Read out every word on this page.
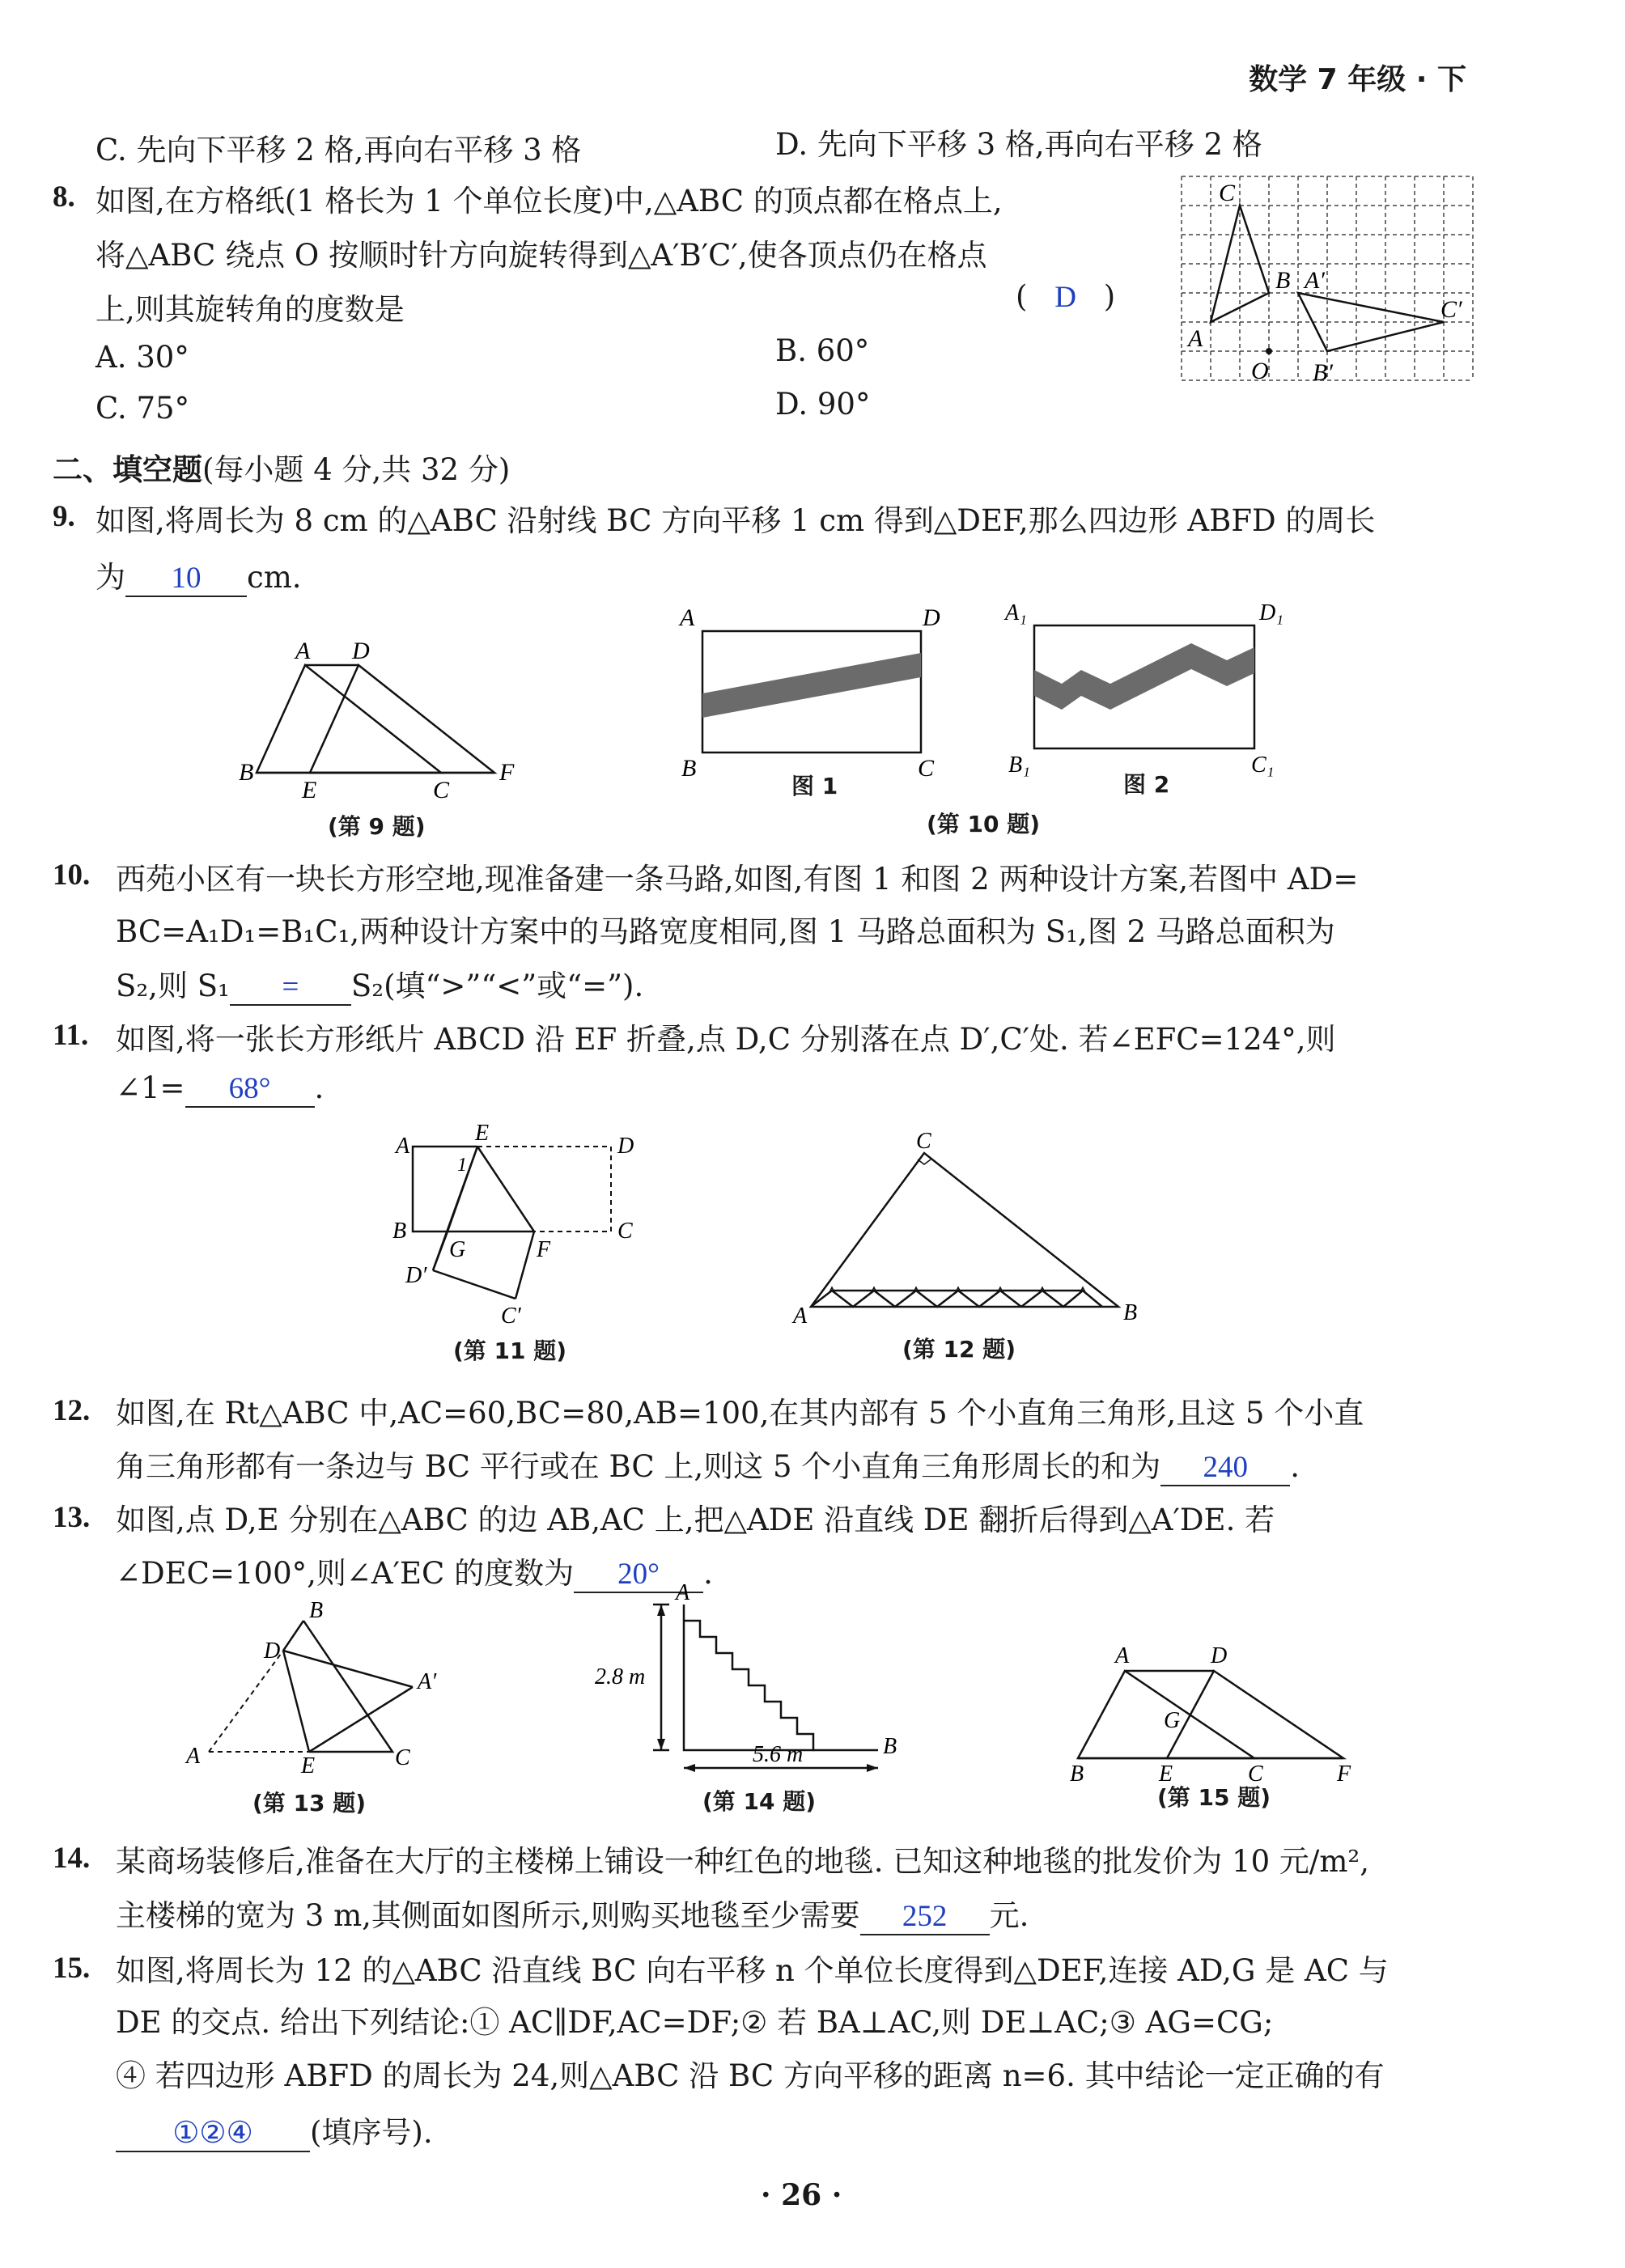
数学 7 年级 · 下
C. 先向下平移 2 格,再向右平移 3 格	D. 先向下平移 3 格,再向右平移 2 格
8. 如图,在方格纸(1 格长为 1 个单位长度)中,△ABC 的顶点都在格点上,
将△ABC 绕点 O 按顺时针方向旋转得到△A′B′C′,使各顶点仍在格点
上,则其旋转角的度数是	( D )
A. 30°	B. 60°
C. 75°	D. 90°
C
B
A
O
A′
B′
C′
二、填空题(每小题 4 分,共 32 分)
9. 如图,将周长为 8 cm 的△ABC 沿射线 BC 方向平移 1 cm 得到△DEF,那么四边形 ABFD 的周长
为 10 cm.
A D
B
E	C
F
(第 9 题)
A	D
B	C
图 1
A₁	D₁
B₁	C₁
图 2
(第 10 题)
10. 西苑小区有一块长方形空地,现准备建一条马路,如图,有图 1 和图 2 两种设计方案,若图中 AD=
BC=A₁D₁=B₁C₁,两种设计方案中的马路宽度相同,图 1 马路总面积为 S₁,图 2 马路总面积为
S₂,则 S₁ = S₂(填“>”“<”或“=”).
11. 如图,将一张长方形纸片 ABCD 沿 EF 折叠,点 D,C 分别落在点 D′,C′处. 若∠EFC=124°,则
∠1= 68° .
A
E
D
1
B
G	F
C
D′
C′
(第 11 题)
C
A	B
(第 12 题)
12. 如图,在 Rt△ABC 中,AC=60,BC=80,AB=100,在其内部有 5 个小直角三角形,且这 5 个小直
角三角形都有一条边与 BC 平行或在 BC 上,则这 5 个小直角三角形周长的和为 240 .
13. 如图,点 D,E 分别在△ABC 的边 AB,AC 上,把△ADE 沿直线 DE 翻折后得到△A′DE. 若
∠DEC=100°,则∠A′EC 的度数为 20° .
B
D
A′
A	E	C
(第 13 题)
A
B
2.8 m
5.6 m
(第 14 题)
A	D
G
B	E	C	F
(第 15 题)
14. 某商场装修后,准备在大厅的主楼梯上铺设一种红色的地毯. 已知这种地毯的批发价为 10 元/m²,
主楼梯的宽为 3 m,其侧面如图所示,则购买地毯至少需要 252 元.
15. 如图,将周长为 12 的△ABC 沿直线 BC 向右平移 n 个单位长度得到△DEF,连接 AD,G 是 AC 与
DE 的交点. 给出下列结论:① AC∥DF,AC=DF;② 若 BA⊥AC,则 DE⊥AC;③ AG=CG;
④ 若四边形 ABFD 的周长为 24,则△ABC 沿 BC 方向平移的距离 n=6. 其中结论一定正确的有
①②④ (填序号).
· 26 ·
